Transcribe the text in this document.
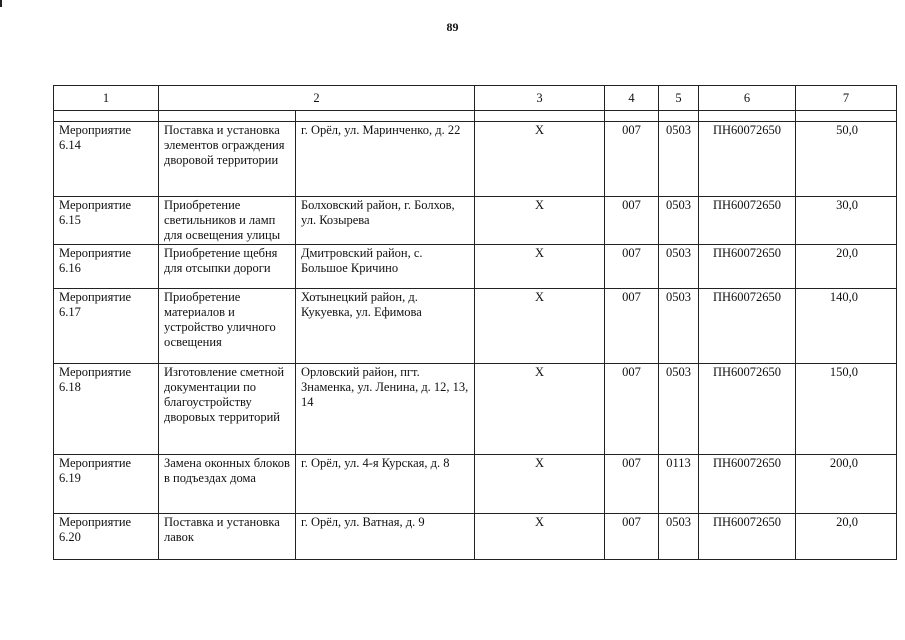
89
1	2		3	4	5	6	7

Мероприятие 6.14	Поставка и установка элементов ограждения дворовой территории	г. Орёл, ул. Маринченко, д. 22	Х	007	0503	ПН60072650	50,0
Мероприятие 6.15	Приобретение светильников и ламп для освещения улицы	Болховский район, г. Болхов, ул. Козырева	Х	007	0503	ПН60072650	30,0
Мероприятие 6.16	Приобретение щебня для отсыпки дороги	Дмитровский район, с. Большое Кричино	Х	007	0503	ПН60072650	20,0
Мероприятие 6.17	Приобретение материалов и устройство уличного освещения	Хотынецкий район, д. Кукуевка, ул. Ефимова	Х	007	0503	ПН60072650	140,0
Мероприятие 6.18	Изготовление сметной документации по благоустройству дворовых территорий	Орловский район, пгт. Знаменка, ул. Ленина, д. 12, 13, 14	Х	007	0503	ПН60072650	150,0
Мероприятие 6.19	Замена оконных блоков в подъездах дома	г. Орёл, ул. 4-я Курская, д. 8	Х	007	0113	ПН60072650	200,0
Мероприятие 6.20	Поставка и установка лавок	г. Орёл, ул. Ватная, д. 9	Х	007	0503	ПН60072650	20,0
